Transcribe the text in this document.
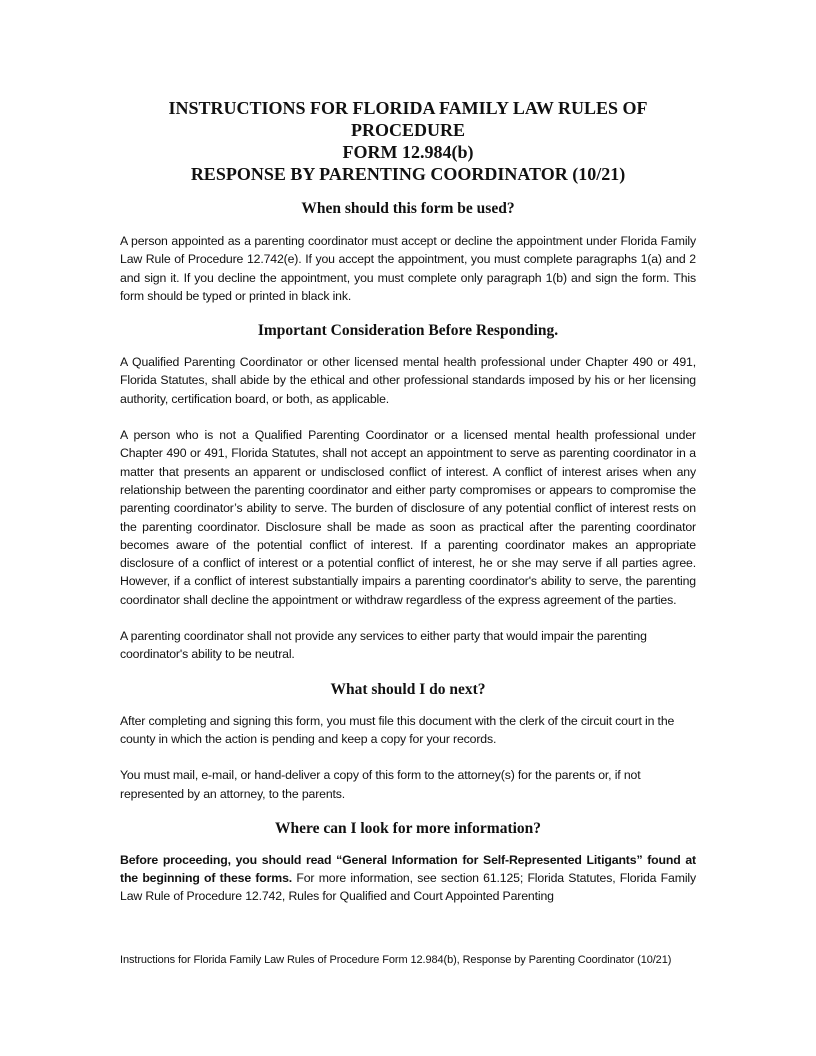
INSTRUCTIONS FOR FLORIDA FAMILY LAW RULES OF PROCEDURE
FORM 12.984(b)
RESPONSE BY PARENTING COORDINATOR (10/21)
When should this form be used?

A person appointed as a parenting coordinator must accept or decline the appointment under Florida Family Law Rule of Procedure 12.742(e). If you accept the appointment, you must complete paragraphs 1(a) and 2 and sign it. If you decline the appointment, you must complete only paragraph 1(b) and sign the form. This form should be typed or printed in black ink.

Important Consideration Before Responding.

A Qualified Parenting Coordinator or other licensed mental health professional under Chapter 490 or 491, Florida Statutes, shall abide by the ethical and other professional standards imposed by his or her licensing authority, certification board, or both, as applicable.

A person who is not a Qualified Parenting Coordinator or a licensed mental health professional under Chapter 490 or 491, Florida Statutes, shall not accept an appointment to serve as parenting coordinator in a matter that presents an apparent or undisclosed conflict of interest. A conflict of interest arises when any relationship between the parenting coordinator and either party compromises or appears to compromise the parenting coordinator’s ability to serve. The burden of disclosure of any potential conflict of interest rests on the parenting coordinator. Disclosure shall be made as soon as practical after the parenting coordinator becomes aware of the potential conflict of interest. If a parenting coordinator makes an appropriate disclosure of a conflict of interest or a potential conflict of interest, he or she may serve if all parties agree. However, if a conflict of interest substantially impairs a parenting coordinator's ability to serve, the parenting coordinator shall decline the appointment or withdraw regardless of the express agreement of the parties.

A parenting coordinator shall not provide any services to either party that would impair the parenting coordinator's ability to be neutral.

What should I do next?

After completing and signing this form, you must file this document with the clerk of the circuit court in the county in which the action is pending and keep a copy for your records.

You must mail, e-mail, or hand-deliver a copy of this form to the attorney(s) for the parents or, if not represented by an attorney, to the parents.

Where can I look for more information?

Before proceeding, you should read “General Information for Self-Represented Litigants” found at the beginning of these forms. For more information, see section 61.125; Florida Statutes, Florida Family Law Rule of Procedure 12.742, Rules for Qualified and Court Appointed Parenting

Instructions for Florida Family Law Rules of Procedure Form 12.984(b), Response by Parenting Coordinator (10/21)
